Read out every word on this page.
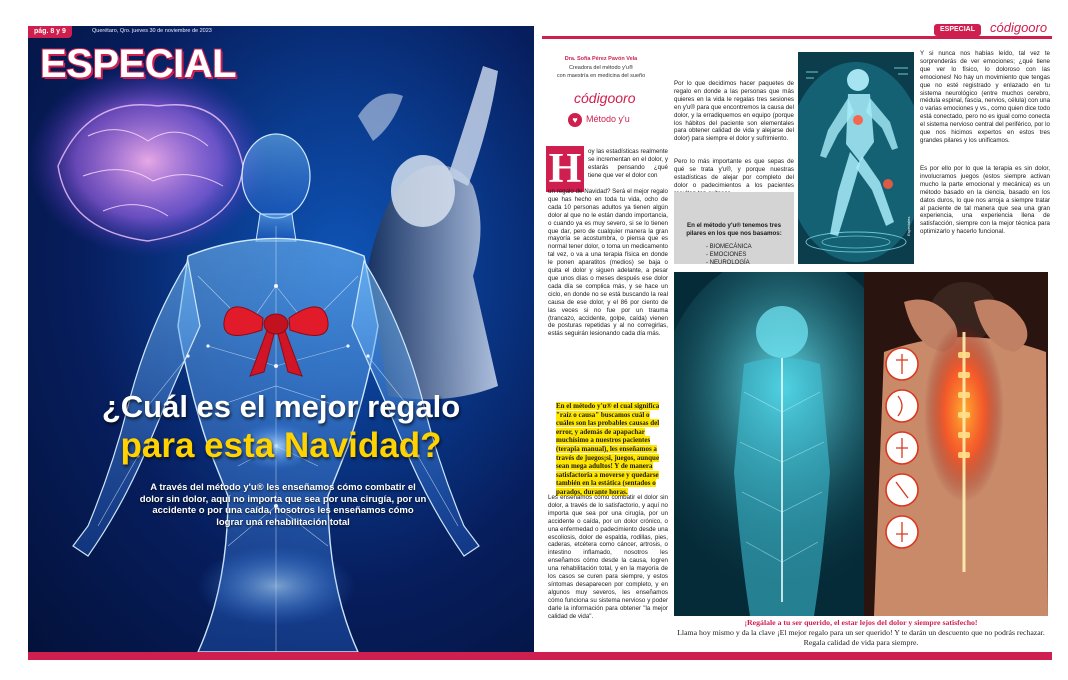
pág. 8 y 9	Querétaro, Qro. jueves 30 de noviembre de 2023
ESPECIAL
¿Cuál es el mejor regalo
para esta Navidad?
A través del método y'u® les enseñamos cómo combatir el dolor sin dolor, aquí no importa que sea por una cirugía, por un accidente o por una caída, nosotros les enseñamos cómo lograr una rehabilitación total
ESPECIAL	códigooro
Dra. Sofía Pérez Pavón Vela
Creadora del método y'u®
con maestría en medicina del sueño
códigooro
♥ Método y'u
H	oy las estadísticas realmente se incrementan en el dolor, y estarás pensando ¿qué tiene que ver el dolor con
un regalo de Navidad? Será el mejor regalo que has hecho en toda tu vida, ocho de cada 10 personas adultos ya tienen algún dolor al que no le están dando importancia, o cuando ya es muy severo, si se lo tienen que dar, pero de cualquier manera la gran mayoría se acostumbra, o piensa que es normal tener dolor, o toma un medicamento tal vez, o va a una terapia física en donde le ponen aparatitos (medios) se baja o quita el dolor y siguen adelante, a pesar que unos días o meses después ese dolor cada día se complica más, y se hace un ciclo, en donde no se está buscando la real causa de ese dolor, y el 86 por ciento de las veces si no fue por un trauma (trancazo, accidente, golpe, caída) vienen de posturas repetidas y al no corregirlas, estás seguirán lesionando cada día más.
En el método y'u® el cual significa "raíz o causa" buscamos cuál o cuáles son las probables causas del error, y además de apapachar muchísimo a nuestros pacientes (terapia manual), les enseñamos a través de juegos¡si, juegos, aunque sean mega adultos! Y de manera satisfactoria a moverse y quedarse también en la estática (sentados o parados, durante horas.
Les enseñamos cómo combatir el dolor sin dolor, a través de lo satisfactorio, y aquí no importa que sea por una cirugía, por un accidente o caída, por un dolor crónico, o una enfermedad o padecimiento desde una escoliosis, dolor de espalda, rodillas, pies, caderas, etcétera como cáncer, artrosis, o intestino inflamado, nosotros les enseñamos cómo desde la causa, logren una rehabilitación total, y en la mayoría de los casos se curen para siempre, y estos síntomas desaparecen por completo, y en algunos muy severos, les enseñamos cómo funciona su sistema nervioso y poder darle la información para obtener "la mejor calidad de vida".
Por lo que decidimos hacer paquetes de regalo en donde a las personas que más quieres en la vida le regalas tres sesiones en y'u® para que encontremos la causa del dolor, y la erradiquemos en equipo (porque los hábitos del paciente son elementales para obtener calidad de vida y alejarse del dolor) para siempre el dolor y sufrimiento.
Pero lo más importante es que sepas de qué se trata y'u®, y porque nuestras estadísticas de alejar por completo del dolor o padecimientos a los pacientes
En el método y'u® tenemos tres pilares en los que nos basamos:
- BIOMECÁNICA
- EMOCIONES
- NEUROLOGÍA
Y si nunca nos habías leído, tal vez te sorprenderás de ver emociones; ¿qué tiene que ver lo físico, lo doloroso con las emociones! No hay un movimiento que tengas que no esté registrado y enlazado en tu sistema neurológico (entre muchos cerebro, médula espinal, fascia, nervios, célula) con una o varias emociones y vs., como quien dice todo está conectado, pero no es igual como conecta el sistema nervioso central del periférico, por lo que nos hicimos expertos en estos tres grandes pilares y los unificamos.
Es por ello por lo que la terapia es sin dolor, involucramos juegos (estos siempre activan mucho la parte emocional y mecánica) es un método basado en la ciencia, basado en los datos duros, lo que nos arroja a siempre tratar al paciente de tal manera que sea una gran experiencia, una experiencia llena de satisfacción, siempre con la mejor técnica para optimizarlo y hacerlo funcional.
Especiales
¡Regálale a tu ser querido, el estar lejos del dolor y siempre satisfecho!
Llama hoy mismo y da la clave ¡El mejor regalo para un ser querido! Y te darán un descuento que no podrás rechazar. Regala calidad de vida para siempre.
